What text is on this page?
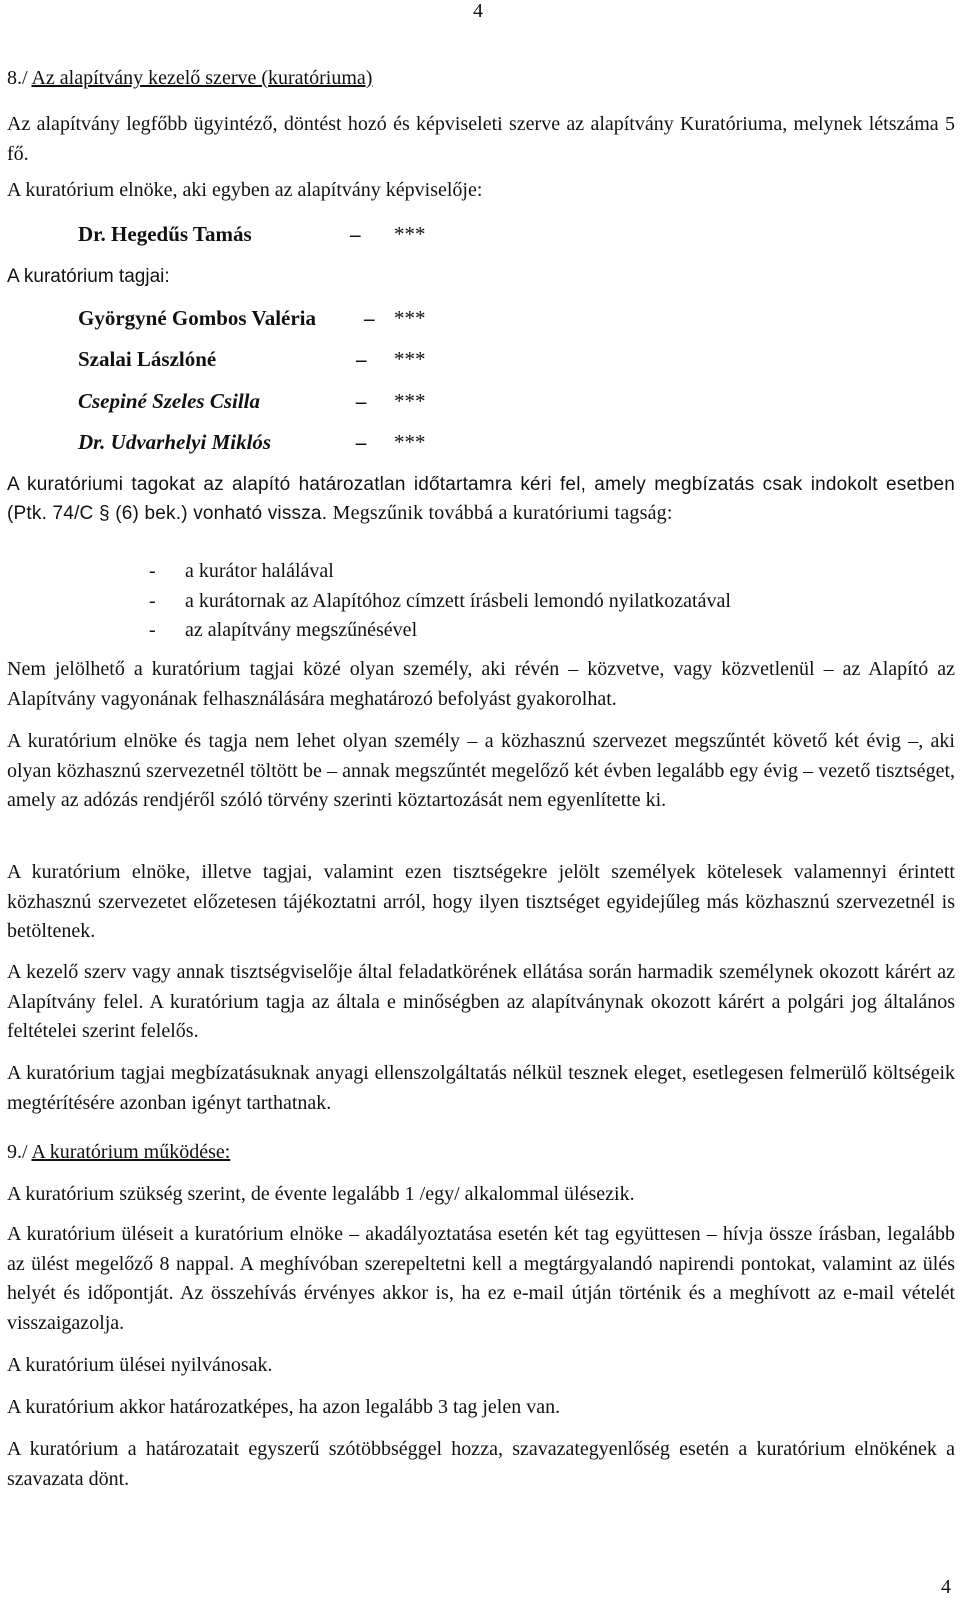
4
8./ Az alapítvány kezelő szerve (kuratóriuma)

Az alapítvány legfőbb ügyintéző, döntést hozó és képviseleti szerve az alapítvány Kuratóriuma, melynek létszáma 5 fő.

A kuratórium elnöke, aki egyben az alapítvány képviselője:

Dr. Hegedűs Tamás	– ***

A kuratórium tagjai:

Györgyné Gombos Valéria – ***
Szalai Lászlóné	– ***
Csepiné Szeles Csilla	– ***
Dr. Udvarhelyi Miklós	– ***

A kuratóriumi tagokat az alapító határozatlan időtartamra kéri fel, amely megbízatás csak indokolt esetben (Ptk. 74/C § (6) bek.) vonható vissza. Megszűnik továbbá a kuratóriumi tagság:

- a kurátor halálával
- a kurátornak az Alapítóhoz címzett írásbeli lemondó nyilatkozatával
- az alapítvány megszűnésével

Nem jelölhető a kuratórium tagjai közé olyan személy, aki révén – közvetve, vagy közvetlenül – az Alapító az Alapítvány vagyonának felhasználására meghatározó befolyást gyakorolhat.

A kuratórium elnöke és tagja nem lehet olyan személy – a közhasznú szervezet megszűntét követő két évig –, aki olyan közhasznú szervezetnél töltött be – annak megszűntét megelőző két évben legalább egy évig – vezető tisztséget, amely az adózás rendjéről szóló törvény szerinti köztartozását nem egyenlítette ki.

A kuratórium elnöke, illetve tagjai, valamint ezen tisztségekre jelölt személyek kötelesek valamennyi érintett közhasznú szervezetet előzetesen tájékoztatni arról, hogy ilyen tisztséget egyidejűleg más közhasznú szervezetnél is betöltenek.

A kezelő szerv vagy annak tisztségviselője által feladatkörének ellátása során harmadik személynek okozott kárért az Alapítvány felel. A kuratórium tagja az általa e minőségben az alapítványnak okozott kárért a polgári jog általános feltételei szerint felelős.

A kuratórium tagjai megbízatásuknak anyagi ellenszolgáltatás nélkül tesznek eleget, esetlegesen felmerülő költségeik megtérítésére azonban igényt tarthatnak.

9./ A kuratórium működése:

A kuratórium szükség szerint, de évente legalább 1 /egy/ alkalommal ülésezik.

A kuratórium üléseit a kuratórium elnöke – akadályoztatása esetén két tag együttesen – hívja össze írásban, legalább az ülést megelőző 8 nappal. A meghívóban szerepeltetni kell a megtárgyalandó napirendi pontokat, valamint az ülés helyét és időpontját. Az összehívás érvényes akkor is, ha ez e-mail útján történik és a meghívott az e-mail vételét visszaigazolja.

A kuratórium ülései nyilvánosak.

A kuratórium akkor határozatképes, ha azon legalább 3 tag jelen van.

A kuratórium a határozatait egyszerű szótöbbséggel hozza, szavazategyenlőség esetén a kuratórium elnökének a szavazata dönt.

4
